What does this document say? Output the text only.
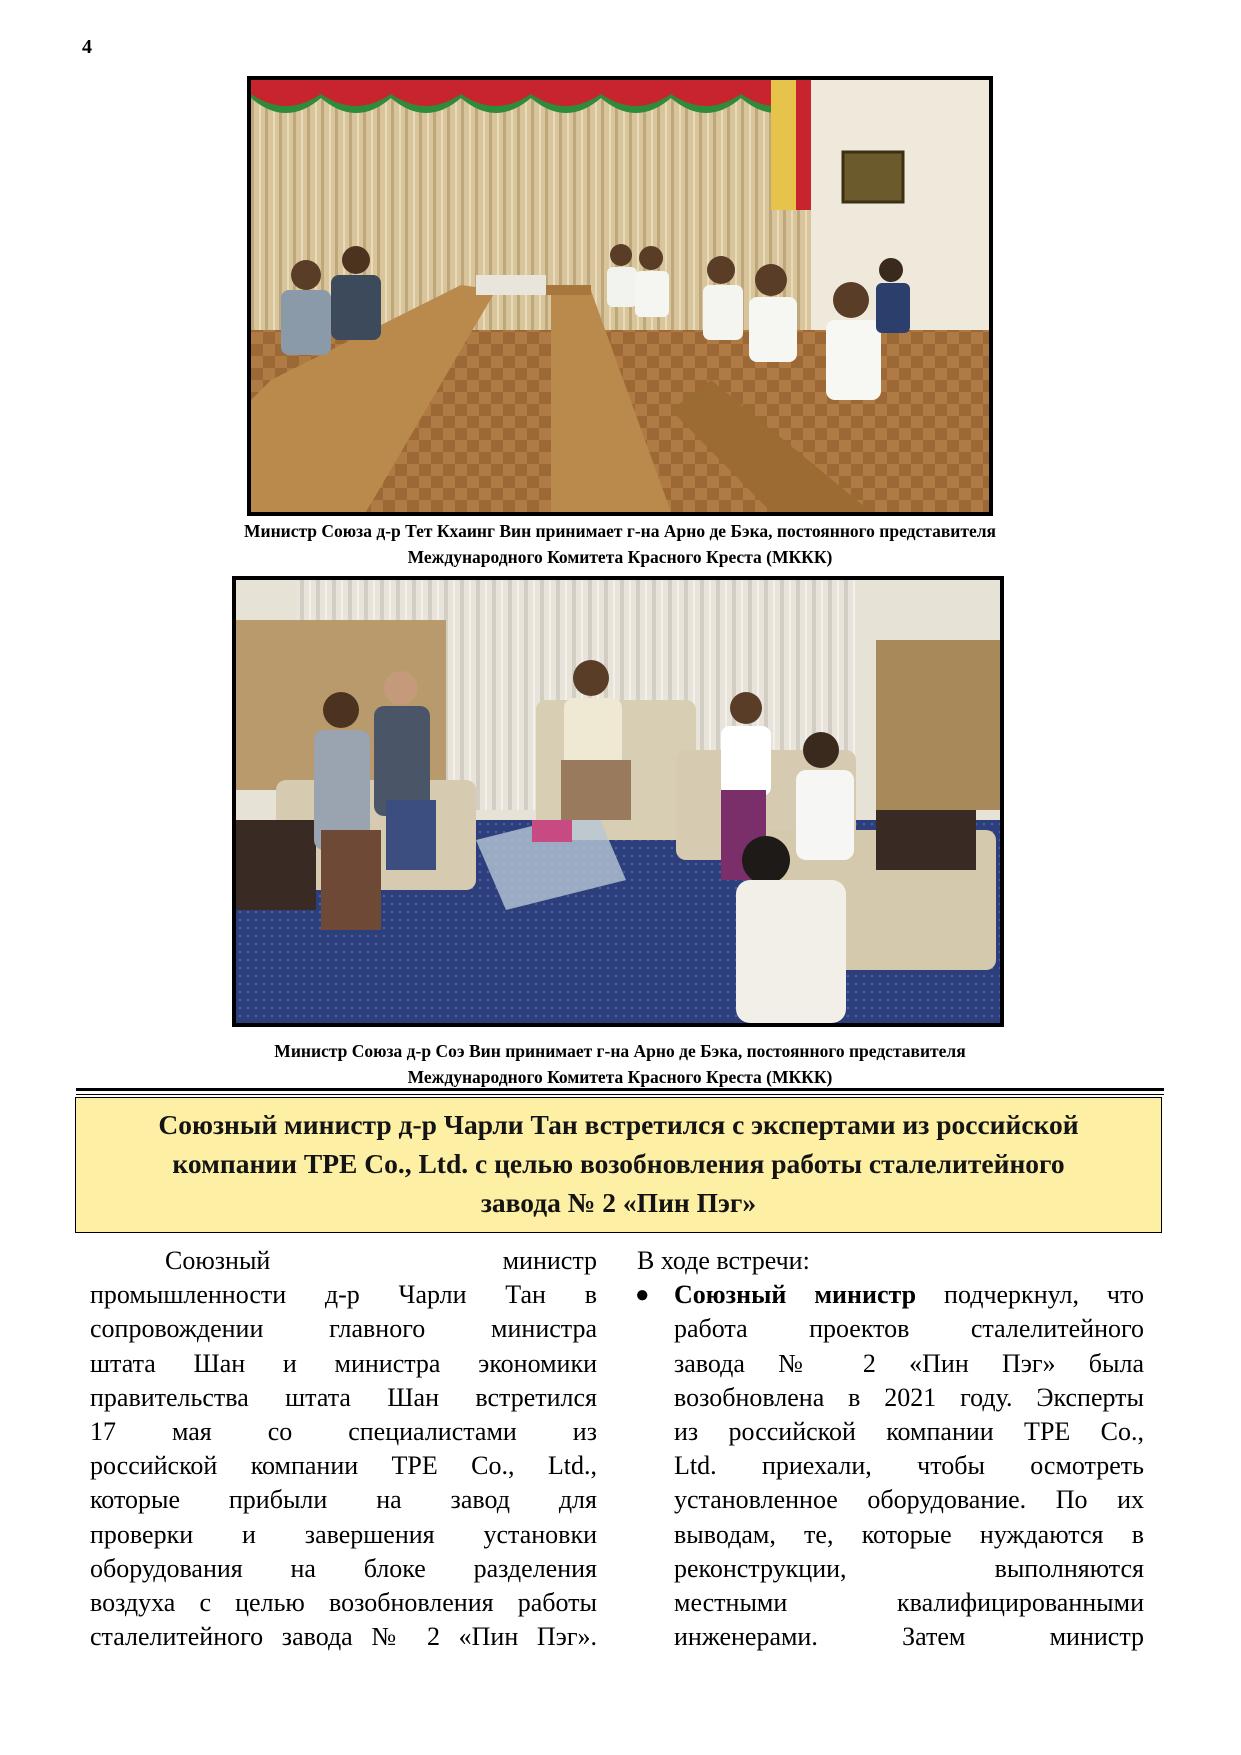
4
Министр Союза д-р Тет Кхаинг Вин принимает г-на Арно де Бэка, постоянного представителя
Международного Комитета Красного Креста (МККК)
Министр Союза д-р Соэ Вин принимает г-на Арно де Бэка, постоянного представителя
Международного Комитета Красного Креста (МККК)
Союзный министр д-р Чарли Тан встретился с экспертами из российской
компании TPE Co., Ltd. с целью возобновления работы сталелитейного
завода № 2 «Пин Пэг»
Союзный министр
промышленности д-р Чарли Тан в
сопровождении главного министра
штата Шан и министра экономики
правительства штата Шан встретился
17 мая со специалистами из
российской компании TPE Co., Ltd.,
которые прибыли на завод для
проверки и завершения установки
оборудования на блоке разделения
воздуха с целью возобновления работы
сталелитейного завода № 2 «Пин Пэг».
В ходе встречи:
● Союзный министр подчеркнул, что
работа проектов сталелитейного
завода № 2 «Пин Пэг» была
возобновлена в 2021 году. Эксперты
из российской компании TPE Co.,
Ltd. приехали, чтобы осмотреть
установленное оборудование. По их
выводам, те, которые нуждаются в
реконструкции, выполняются
местными квалифицированными
инженерами. Затем министр
